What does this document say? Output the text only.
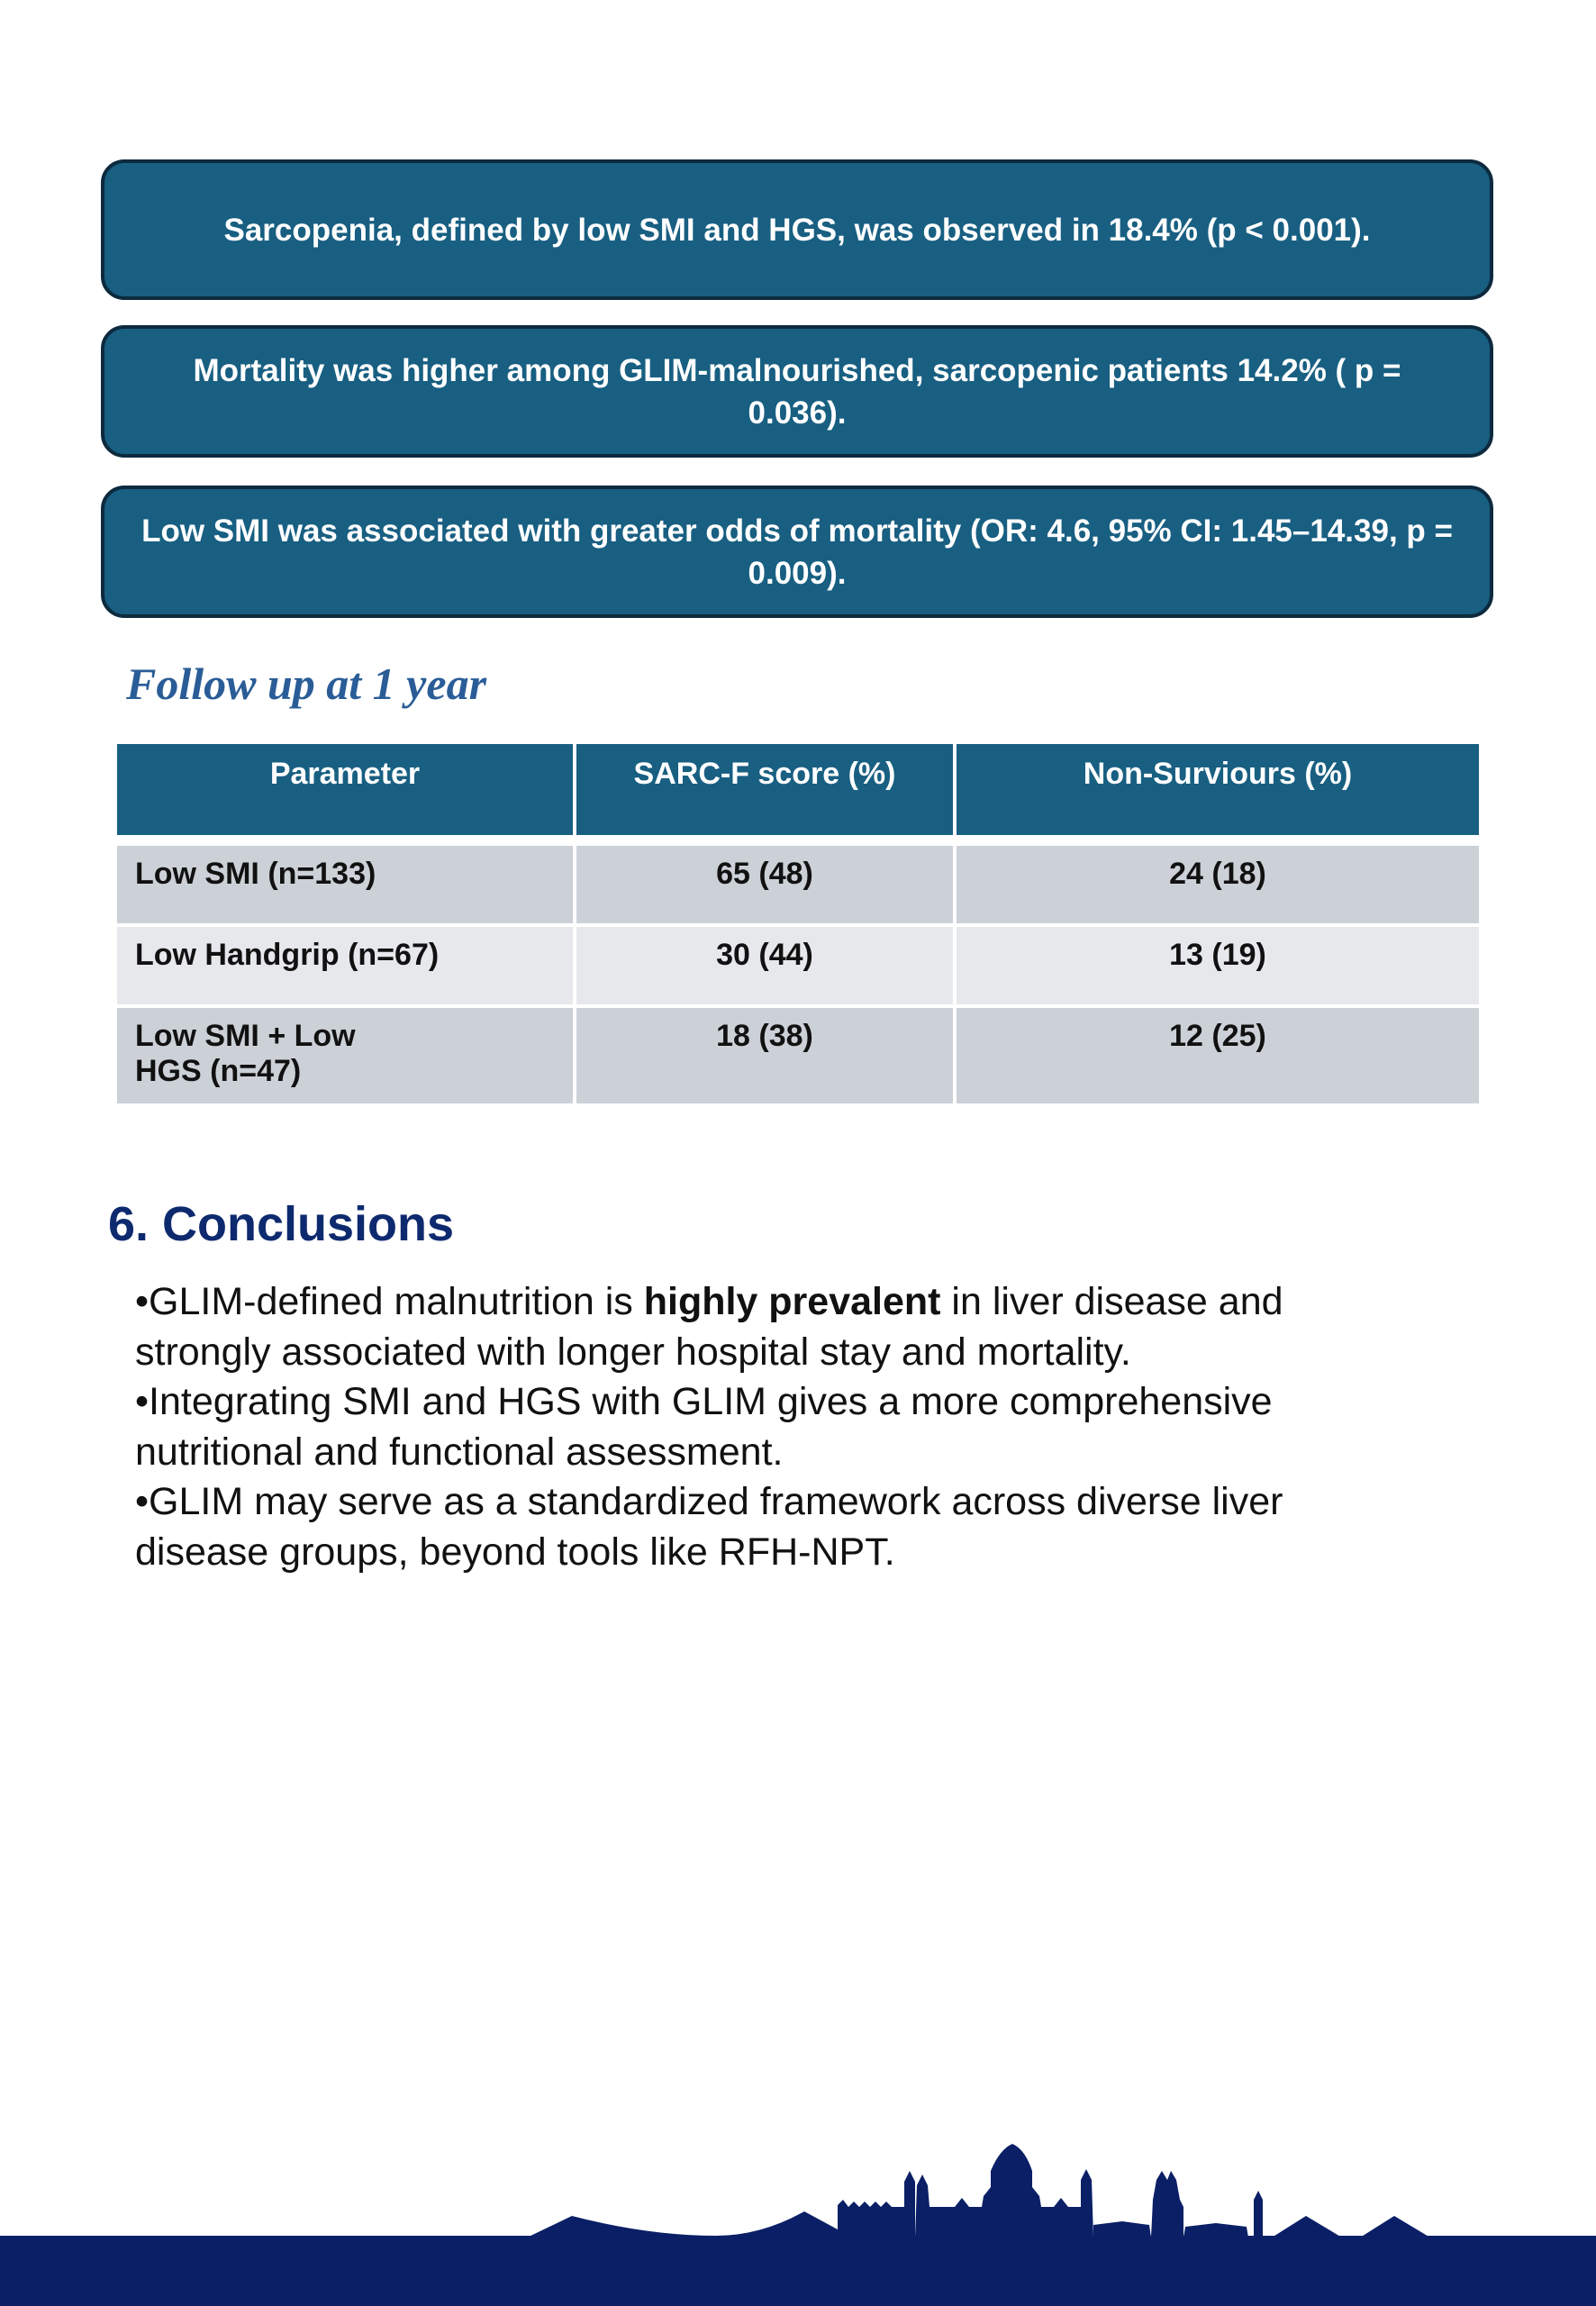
Sarcopenia, defined by low SMI and HGS, was observed in 18.4% (p < 0.001).
Mortality was higher among GLIM-malnourished, sarcopenic patients 14.2% ( p = 0.036).
Low SMI was associated with greater odds of mortality (OR: 4.6, 95% CI: 1.45–14.39, p = 0.009).
Follow up at 1 year
Parameter	SARC-F score (%)	Non-Surviours (%)
Low SMI (n=133)	65 (48)	24 (18)
Low Handgrip (n=67)	30 (44)	13 (19)
Low SMI + Low HGS (n=47)	18 (38)	12 (25)
6. Conclusions

•GLIM-defined malnutrition is highly prevalent in liver disease and strongly associated with longer hospital stay and mortality.

•Integrating SMI and HGS with GLIM gives a more comprehensive nutritional and functional assessment.

•GLIM may serve as a standardized framework across diverse liver disease groups, beyond tools like RFH-NPT.
